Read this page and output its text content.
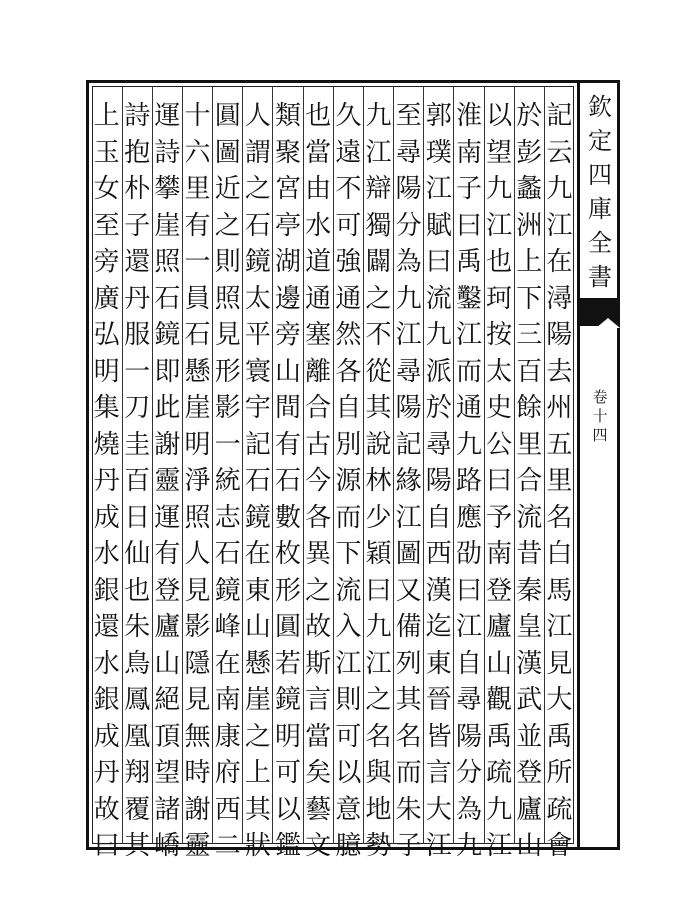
記
云
九
江
在
潯
陽
去
州
五
里
名
白
馬
江
見
大
禹
所
疏
會
於
彭
蠡
洲
上
下
三
百
餘
里
合
流
昔
秦
皇
漢
武
並
登
廬
山
以
望
九
江
也
珂
按
太
史
公
曰
予
南
登
廬
山
觀
禹
疏
九
江
淮
南
子
曰
禹
鑿
江
而
通
九
路
應
劭
曰
江
自
尋
陽
分
為
九
郭
璞
江
賦
曰
流
九
派
於
尋
陽
自
西
漢
迄
東
晉
皆
言
大
江
至
尋
陽
分
為
九
江
尋
陽
記
緣
江
圖
又
備
列
其
名
而
朱
子
九
江
辯
獨
闢
之
不
從
其
說
林
少
穎
曰
九
江
之
名
與
地
勢
久
遠
不
可
強
通
然
各
自
別
源
而
下
流
入
江
則
可
以
意
臆
也
當
由
水
道
通
塞
離
合
古
今
各
異
之
故
斯
言
當
矣
藝
文
類
聚
宮
亭
湖
邊
旁
山
間
有
石
數
枚
形
圓
若
鏡
明
可
以
鑑
人
謂
之
石
鏡
太
平
寰
宇
記
石
鏡
在
東
山
懸
崖
之
上
其
狀
圓
圖
近
之
則
照
見
形
影
一
統
志
石
鏡
峰
在
南
康
府
西
二
十
六
里
有
一
員
石
懸
崖
明
淨
照
人
見
影
隱
見
無
時
謝
靈
運
詩
攀
崖
照
石
鏡
即
此
謝
靈
運
有
登
廬
山
絕
頂
望
諸
嶠
詩
抱
朴
子
還
丹
服
一
刀
圭
百
日
仙
也
朱
鳥
鳳
凰
翔
覆
其
上
玉
女
至
旁
廣
弘
明
集
燒
丹
成
水
銀
還
水
銀
成
丹
故
曰
欽
定
四
庫
全
書
卷
十
四
